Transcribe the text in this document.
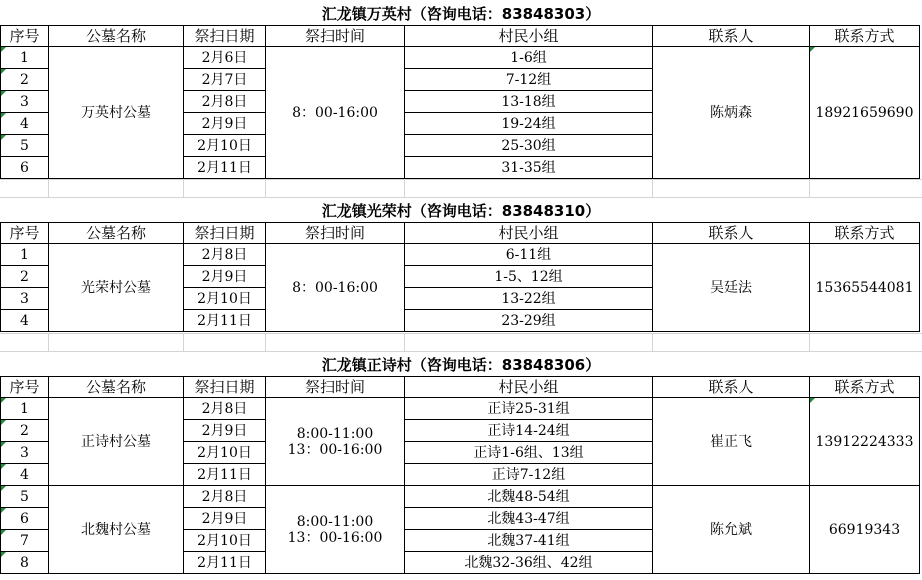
汇龙镇万英村（咨询电话：83848303）
序号	公墓名称	祭扫日期	祭扫时间	村民小组	联系人	联系方式

1	万英村公墓	2月6日	8：00-16:00	1-6组	陈炳森	18921659690

2		2月7日		7-12组		

3		2月8日		13-18组		

4		2月9日		19-24组		

5		2月10日		25-30组		
6		2月11日		31-35组		
汇龙镇光荣村（咨询电话：83848310）
序号	公墓名称	祭扫日期	祭扫时间	村民小组	联系人	联系方式
1	光荣村公墓	2月8日	8：00-16:00	6-11组	吴廷法	15365544081
2		2月9日		1-5、12组		
3		2月10日		13-22组		
4		2月11日		23-29组		
汇龙镇正诗村（咨询电话：83848306）
序号	公墓名称	祭扫日期	祭扫时间	村民小组	联系人	联系方式

1	正诗村公墓	2月8日	8:00-11:00
13：00-16:00	正诗25-31组	崔正飞	13912224333

2		2月9日		正诗14-24组		

3		2月10日		正诗1-6组、13组		

4		2月11日		正诗7-12组		

5	北魏村公墓	2月8日	8:00-11:00
13：00-16:00	北魏48-54组	陈允斌	66919343

6		2月9日		北魏43-47组		

7		2月10日		北魏37-41组		

8		2月11日		北魏32-36组、42组		
